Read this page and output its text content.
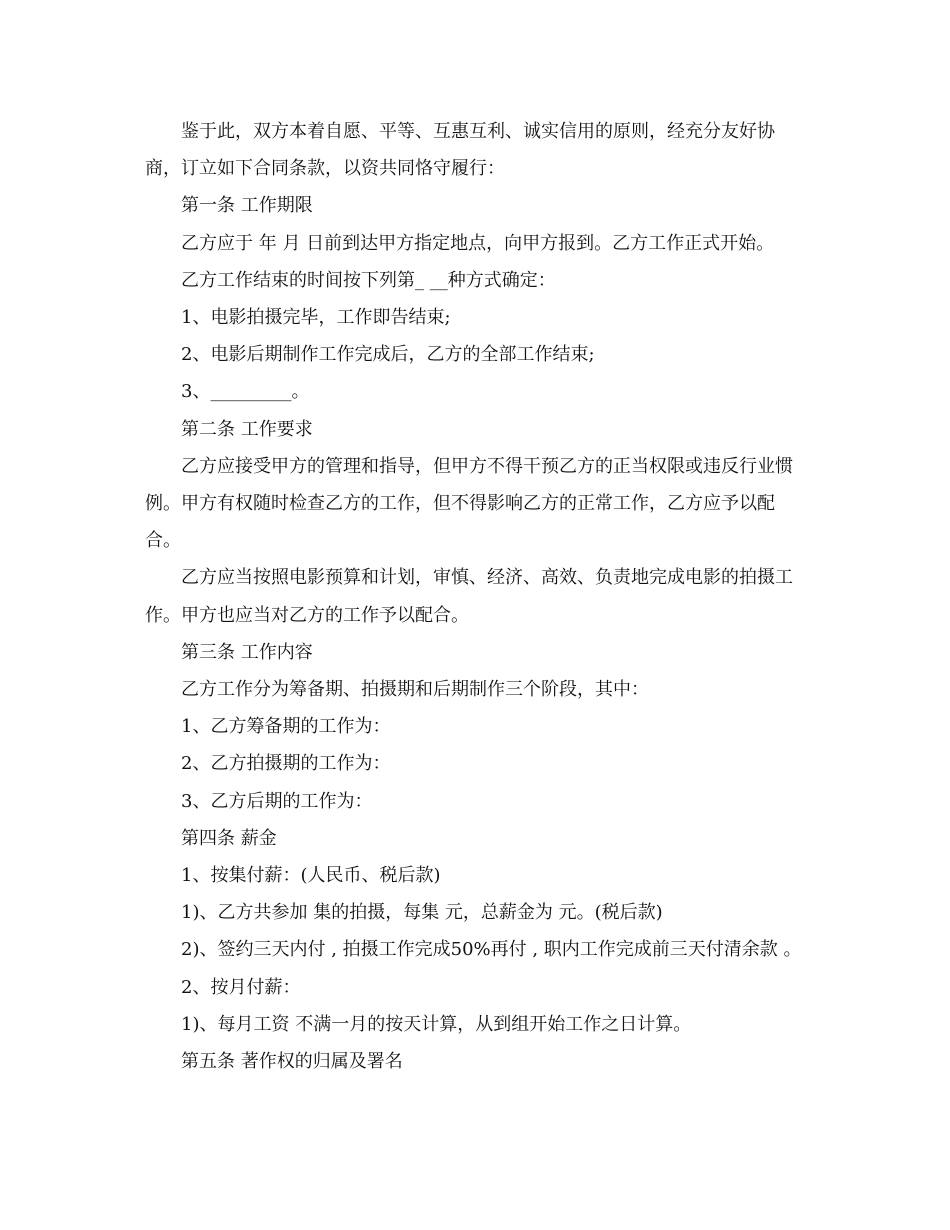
鉴于此，双方本着自愿、平等、互惠互利、诚实信用的原则，经充分友好协商，订立如下合同条款，以资共同恪守履行：

第一条 工作期限

乙方应于 年 月 日前到达甲方指定地点，向甲方报到。乙方工作正式开始。

乙方工作结束的时间按下列第_ __种方式确定：

1、电影拍摄完毕，工作即告结束;

2、电影后期制作工作完成后，乙方的全部工作结束;

3、_________。

第二条 工作要求

乙方应接受甲方的管理和指导，但甲方不得干预乙方的正当权限或违反行业惯例。甲方有权随时检查乙方的工作，但不得影响乙方的正常工作，乙方应予以配合。

乙方应当按照电影预算和计划，审慎、经济、高效、负责地完成电影的拍摄工作。甲方也应当对乙方的工作予以配合。

第三条 工作内容

乙方工作分为筹备期、拍摄期和后期制作三个阶段，其中：

1、乙方筹备期的工作为：

2、乙方拍摄期的工作为：

3、乙方后期的工作为：

第四条 薪金

1、按集付薪：(人民币、税后款)

1)、乙方共参加 集的拍摄，每集 元，总薪金为 元。(税后款)

2)、签约三天内付 , 拍摄工作完成50%再付 , 职内工作完成前三天付清余款 。

2、按月付薪：

1)、每月工资 不满一月的按天计算，从到组开始工作之日计算。

第五条 著作权的归属及署名
